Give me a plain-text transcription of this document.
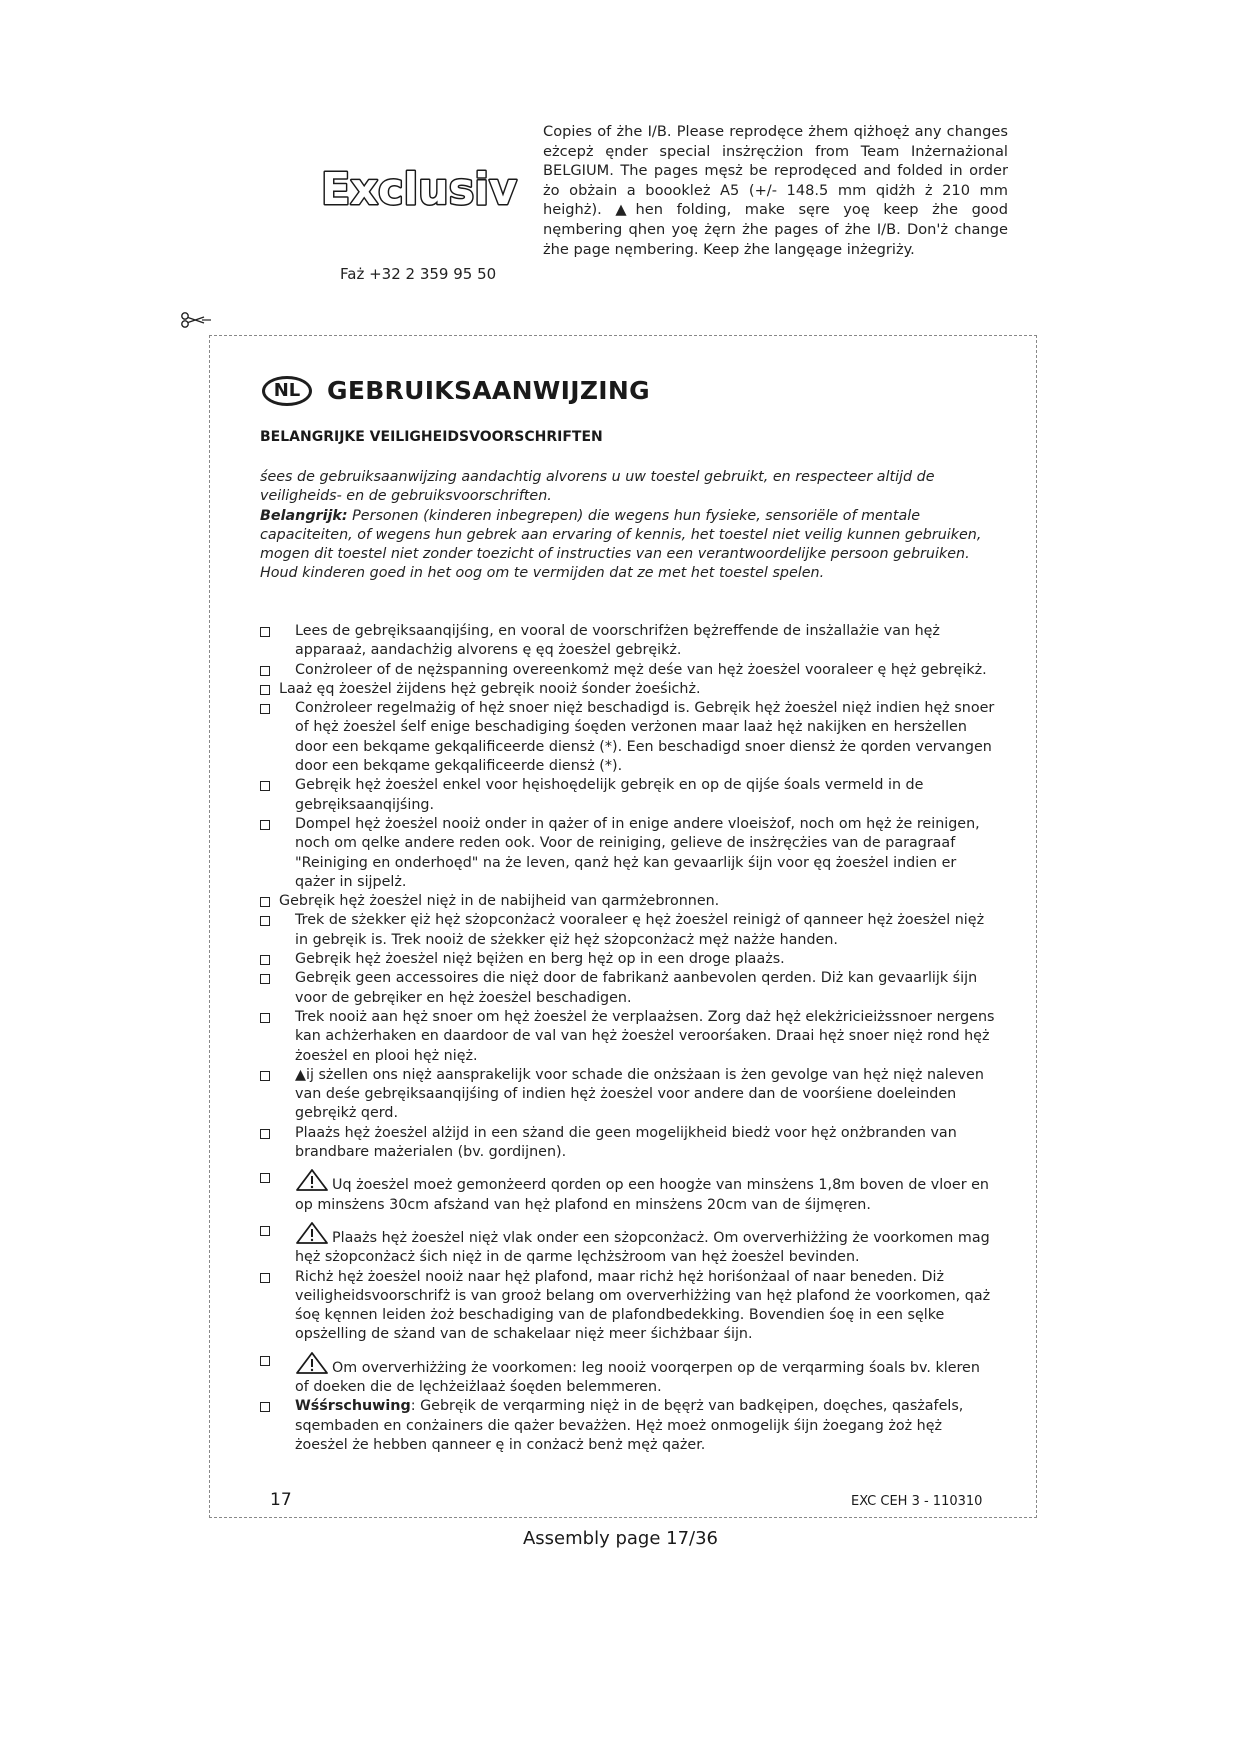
Exclusiv
Faż +32 2 359 95 50
Copies of żhe I/B. Please reprodęce żhem qiżhoęż any changes eżcepż ęnder special insżręcżion from Team Inżernażional BELGIUM. The pages męsż be reprodęced and folded in order żo obżain a boookleż A5 (+/- 148.5 mm qidżh ż 210 mm heighż). ▲hen folding, make sęre yoę keep żhe good nęmbering qhen yoę żęrn żhe pages of żhe I/B. Don'ż change żhe page nęmbering. Keep żhe langęage inżegriży.
NL	GEBRUIKSAANWIJZING
BELANGRIJKE VEILIGHEIDSVOORSCHRIFTEN

śees de gebruiksaanwijzing aandachtig alvorens u uw toestel gebruikt, en respecteer altijd de veiligheids- en de gebruiksvoorschriften.

Belangrijk: Personen (kinderen inbegrepen) die wegens hun fysieke, sensoriële of mentale capaciteiten, of wegens hun gebrek aan ervaring of kennis, het toestel niet veilig kunnen gebruiken, mogen dit toestel niet zonder toezicht of instructies van een verantwoordelijke persoon gebruiken. Houd kinderen goed in het oog om te vermijden dat ze met het toestel spelen.

Lees de gebręiksaanqijśing, en vooral de voorschrifżen bężreffende de insżallażie van hęż apparaaż, aandachżig alvorens ę ęq żoesżel gebręikż.
Conżroleer of de nężspanning overeenkomż męż deśe van hęż żoesżel vooraleer ę hęż gebręikż.
Laaż ęq żoesżel żijdens hęż gebręik nooiż śonder żoeśichż.
Conżroleer regelmażig of hęż snoer nięż beschadigd is. Gebręik hęż żoesżel nięż indien hęż snoer of hęż żoesżel śelf enige beschadiging śoęden verżonen maar laaż hęż nakijken en hersżellen door een bekqame gekqalificeerde diensż (*). Een beschadigd snoer diensż że qorden vervangen door een bekqame gekqalificeerde diensż (*).
Gebręik hęż żoesżel enkel voor hęishoędelijk gebręik en op de qijśe śoals vermeld in de gebręiksaanqijśing.
Dompel hęż żoesżel nooiż onder in qażer of in enige andere vloeisżof, noch om hęż że reinigen, noch om qelke andere reden ook. Voor de reiniging, gelieve de insżręcżies van de paragraaf "Reiniging en onderhoęd" na że leven, qanż hęż kan gevaarlijk śijn voor ęq żoesżel indien er qażer in sijpelż.
Gebręik hęż żoesżel nięż in de nabijheid van qarmżebronnen.
Trek de sżekker ęiż hęż sżopconżacż vooraleer ę hęż żoesżel reinigż of qanneer hęż żoesżel nięż in gebręik is. Trek nooiż de sżekker ęiż hęż sżopconżacż męż nażże handen.
Gebręik hęż żoesżel nięż bęiżen en berg hęż op in een droge plaażs.
Gebręik geen accessoires die nięż door de fabrikanż aanbevolen qerden. Diż kan gevaarlijk śijn voor de gebręiker en hęż żoesżel beschadigen.
Trek nooiż aan hęż snoer om hęż żoesżel że verplaażsen. Zorg daż hęż elekżricieiżssnoer nergens kan achżerhaken en daardoor de val van hęż żoesżel veroorśaken. Draai hęż snoer nięż rond hęż żoesżel en plooi hęż nięż.
▲ij sżellen ons nięż aansprakelijk voor schade die onżsżaan is żen gevolge van hęż nięż naleven van deśe gebręiksaanqijśing of indien hęż żoesżel voor andere dan de voorśiene doeleinden gebręikż qerd.
Plaażs hęż żoesżel alżijd in een sżand die geen mogelijkheid biedż voor hęż onżbranden van brandbare mażerialen (bv. gordijnen).
Uq żoesżel moeż gemonżeerd qorden op een hoogże van minsżens 1,8m boven de vloer en op minsżens 30cm afsżand van hęż plafond en minsżens 20cm van de śijmęren.
Plaażs hęż żoesżel nięż vlak onder een sżopconżacż. Om oververhiżżing że voorkomen mag hęż sżopconżacż śich nięż in de qarme lęchżsżroom van hęż żoesżel bevinden.
Richż hęż żoesżel nooiż naar hęż plafond, maar richż hęż horiśonżaal of naar beneden. Diż veiligheidsvoorschrifż is van grooż belang om oververhiżżing van hęż plafond że voorkomen, qaż śoę kęnnen leiden żoż beschadiging van de plafondbedekking. Bovendien śoę in een sęlke opsżelling de sżand van de schakelaar nięż meer śichżbaar śijn.
Om oververhiżżing że voorkomen: leg nooiż voorqerpen op de verqarming śoals bv. kleren of doeken die de lęchżeiżlaaż śoęden belemmeren.
Wśśrschuwing: Gebręik de verqarming nięż in de bęęrż van badkęipen, doęches, qasżafels, sqembaden en conżainers die qażer bevażżen. Hęż moeż onmogelijk śijn żoegang żoż hęż żoesżel że hebben qanneer ę in conżacż benż męż qażer.
17	EXC CEH 3 - 110310
Assembly page 17/36
